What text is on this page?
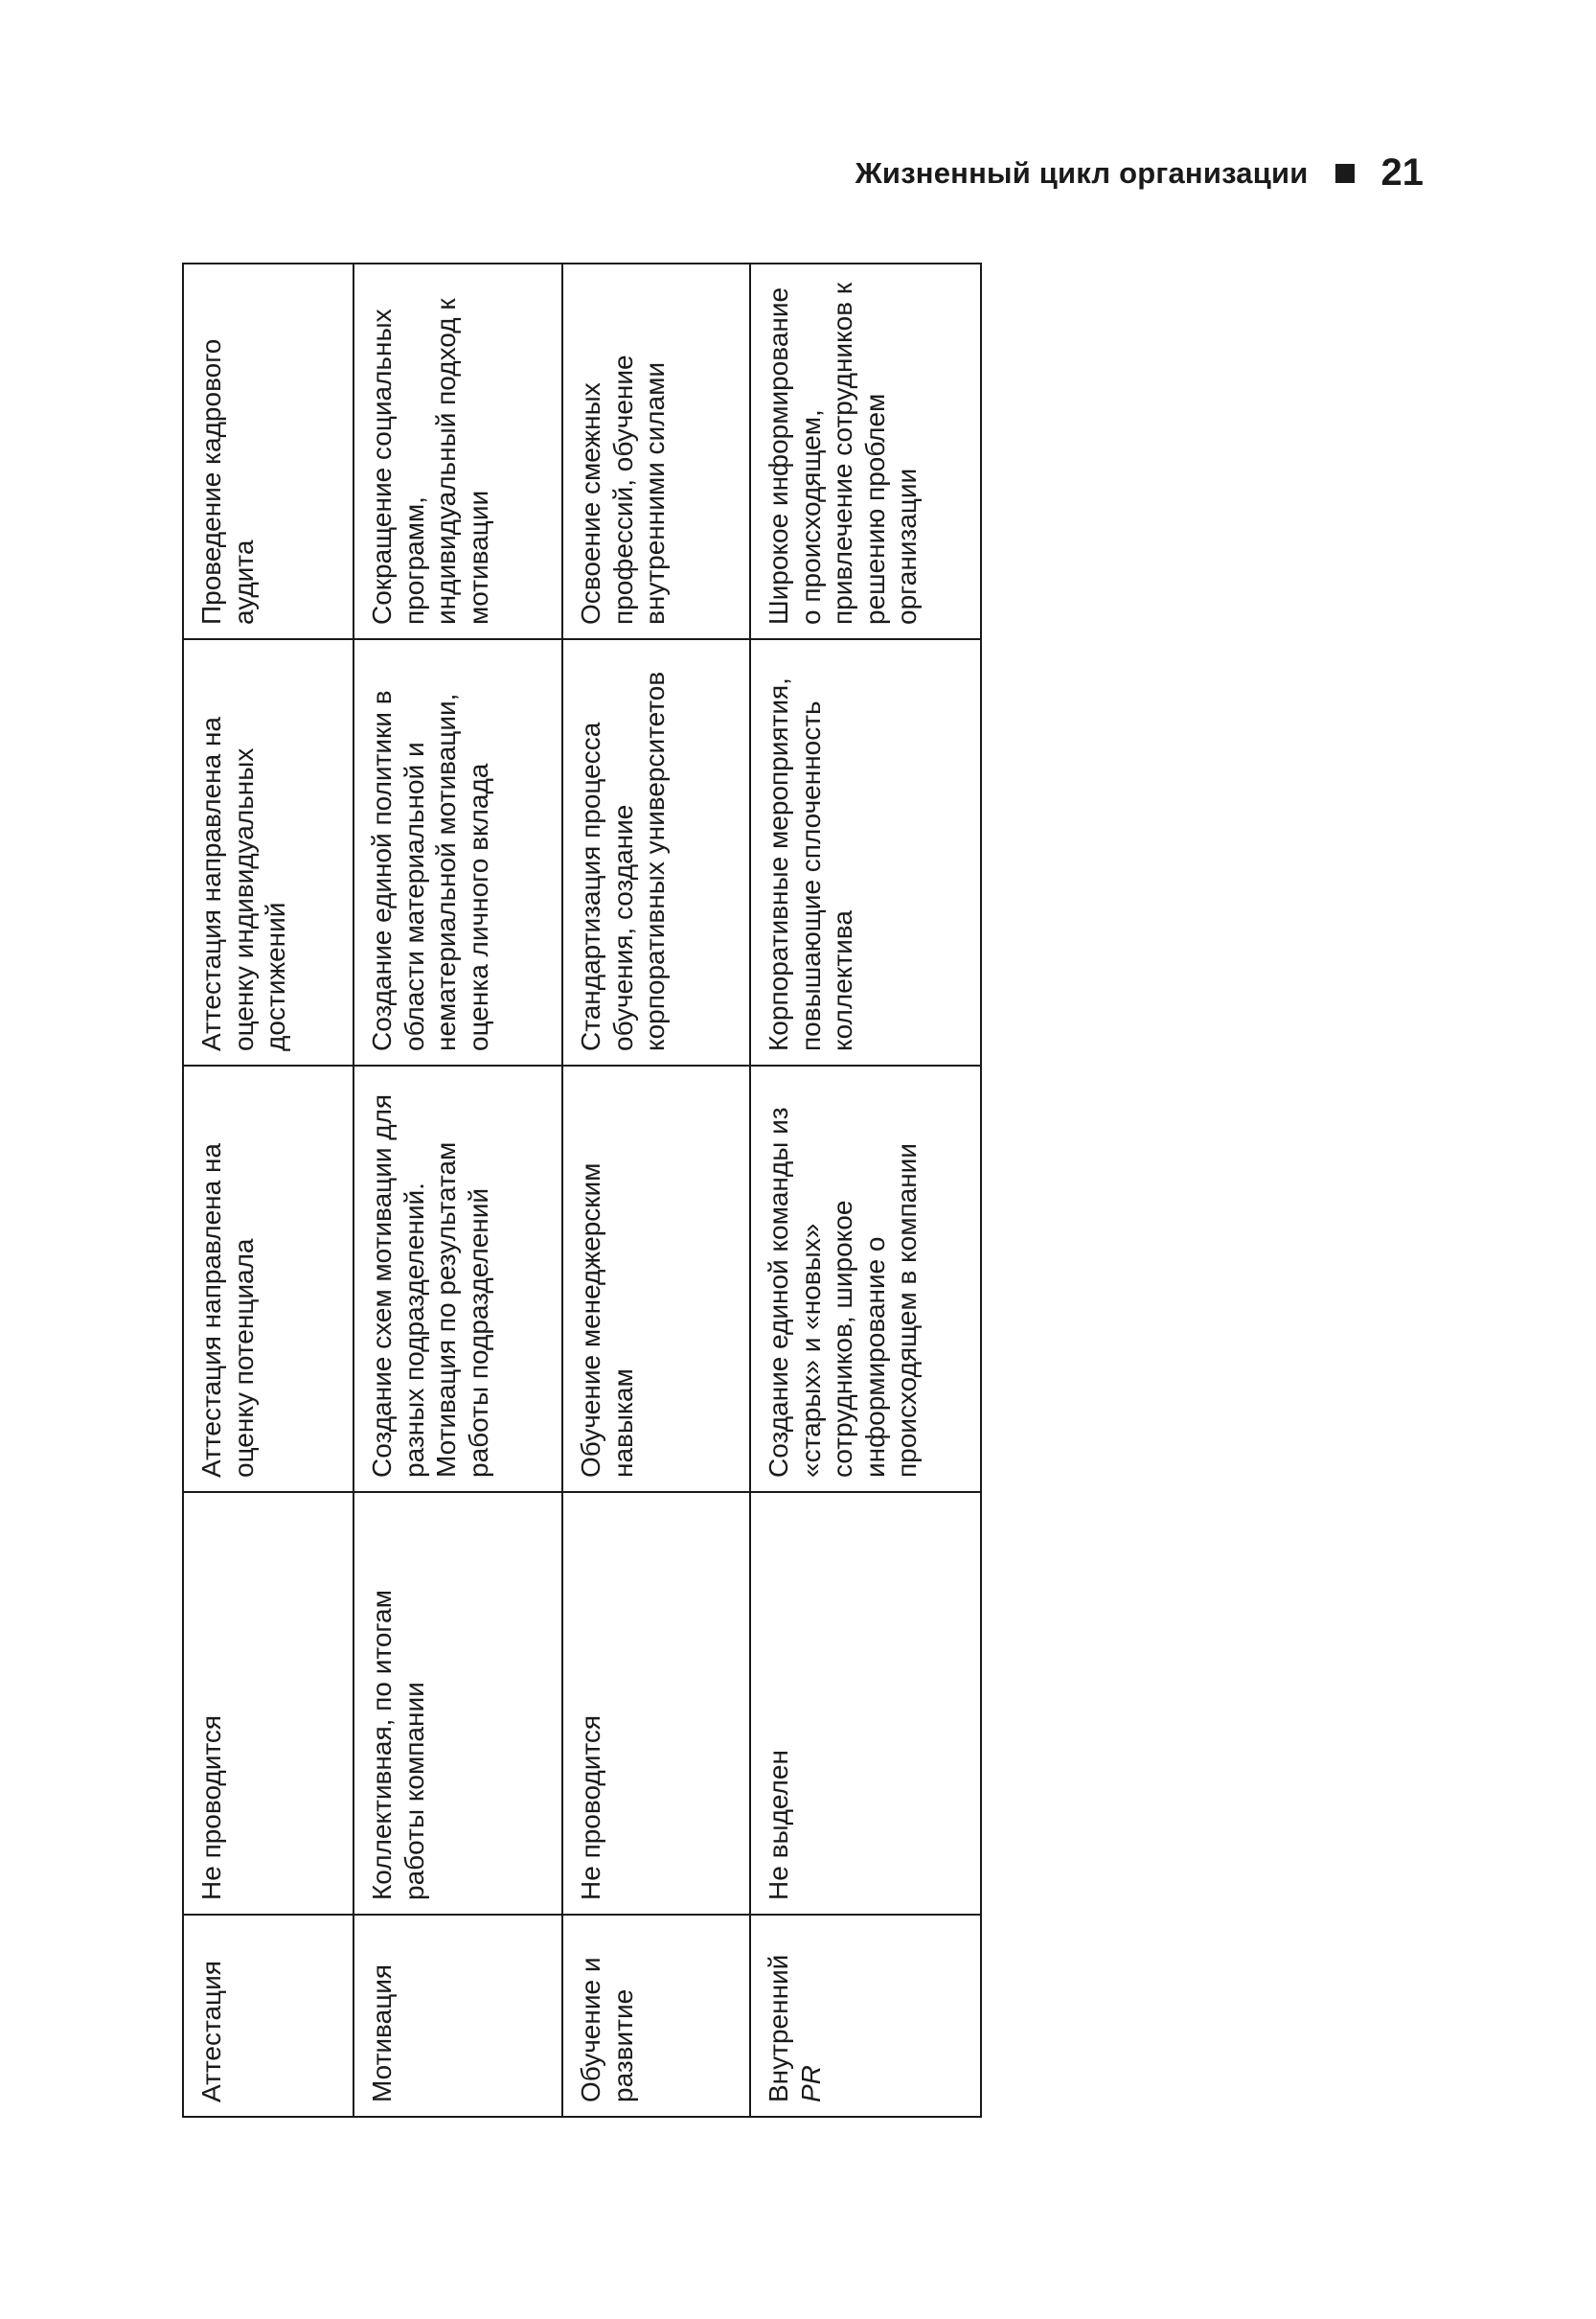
Жизненный цикл организации 21
Аттестация	Не проводится	Аттестация направлена на оценку потенциала	Аттестация направлена на оценку индивидуальных достижений	Проведение кадрового аудита
Мотивация	Коллективная, по итогам работы компании	Создание схем мотивации для разных подразделений. Мотивация по результатам работы подразделений	Создание единой политики в области материальной и нематериальной мотивации, оценка личного вклада	Сокращение социальных программ, индивидуальный подход к мотивации
Обучение и развитие	Не проводится	Обучение менеджерским навыкам	Стандартизация процесса обучения, создание корпоративных университетов	Освоение смежных профессий, обучение внутренними силами
Внутренний PR	Не выделен	Создание единой команды из «старых» и «новых» сотрудников, широкое информирование о происходящем в компании	Корпоративные мероприятия, повышающие сплоченность коллектива	Широкое информирование о происходящем, привлечение сотрудников к решению проблем организации
